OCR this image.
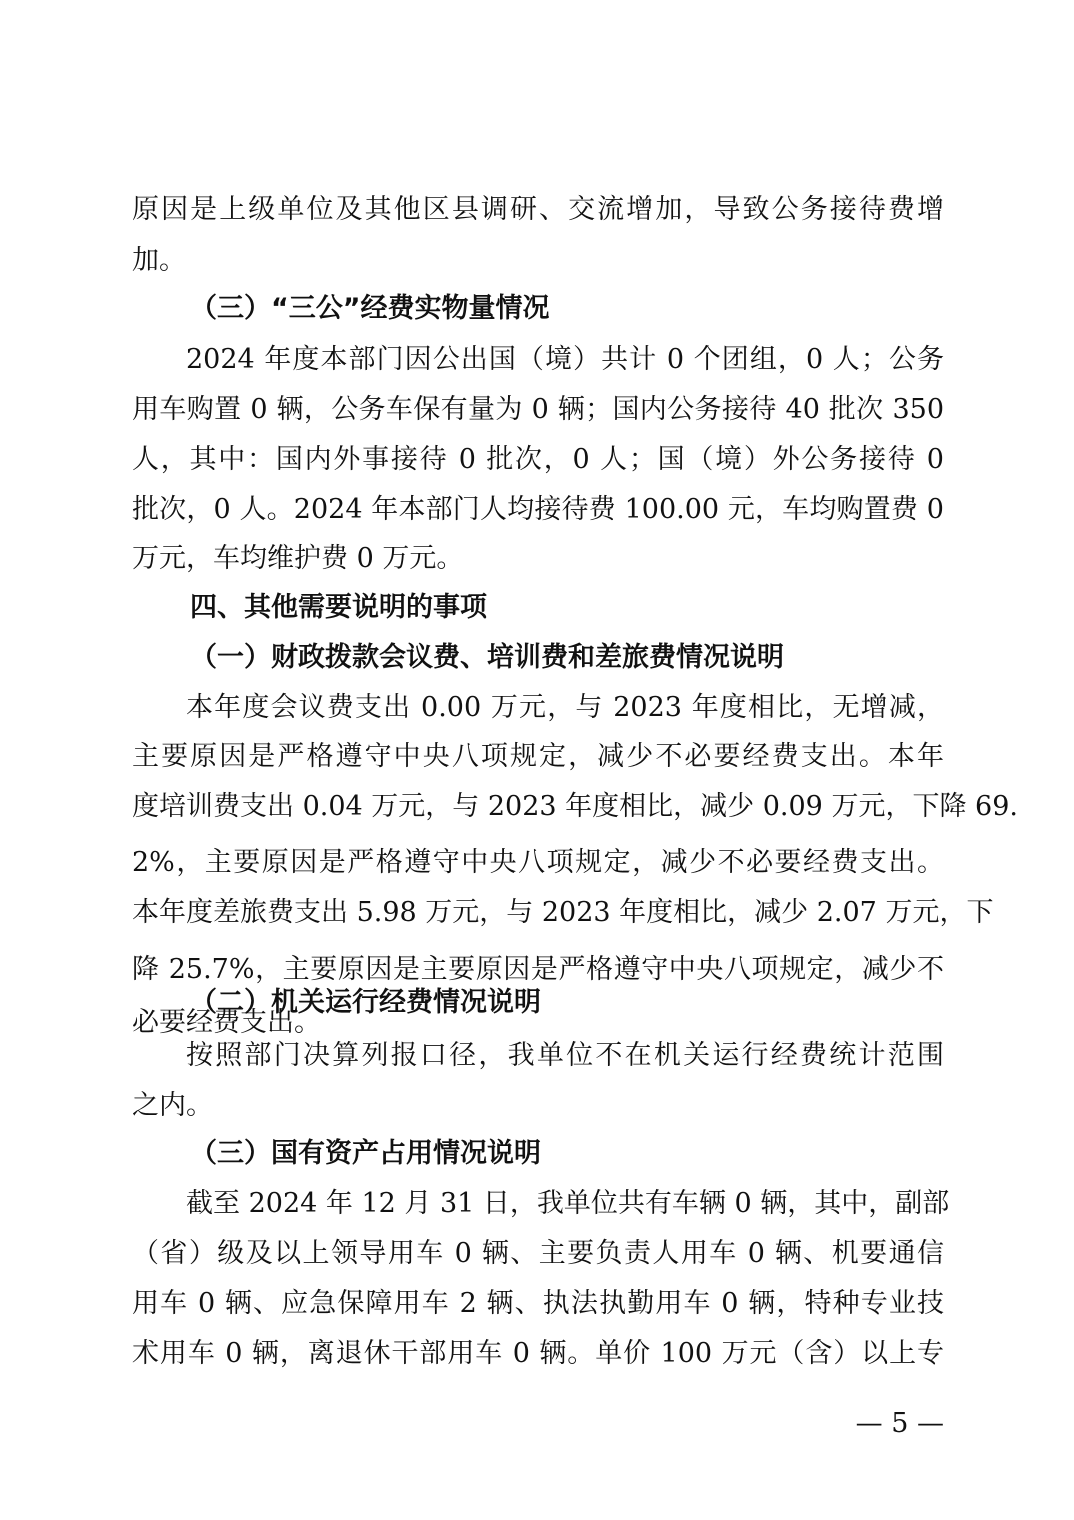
原因是上级单位及其他区县调研、交流增加，导致公务接待费增
加。
（三）“三公”经费实物量情况
2024 年度本部门因公出国（境）共计 0 个团组，0 人；公务
用车购置 0 辆，公务车保有量为 0 辆；国内公务接待 40 批次 350
人，其中：国内外事接待 0 批次，0 人；国（境）外公务接待 0
批次，0 人。2024 年本部门人均接待费 100.00 元，车均购置费 0
万元，车均维护费 0 万元。
四、其他需要说明的事项
（一）财政拨款会议费、培训费和差旅费情况说明
本年度会议费支出 0.00 万元，与 2023 年度相比，无增减，
主要原因是严格遵守中央八项规定，减少不必要经费支出。本年
度培训费支出 0.04 万元，与 2023 年度相比，减少 0.09 万元，下降 69.
2%，主要原因是严格遵守中央八项规定，减少不必要经费支出。
本年度差旅费支出 5.98 万元，与 2023 年度相比，减少 2.07 万元，下
降 25.7%，主要原因是主要原因是严格遵守中央八项规定，减少不
（二）机关运行经费情况说明
必要经费支出。
按照部门决算列报口径，我单位不在机关运行经费统计范围
之内。
（三）国有资产占用情况说明
截至 2024 年 12 月 31 日，我单位共有车辆 0 辆，其中，副部
（省）级及以上领导用车 0 辆、主要负责人用车 0 辆、机要通信
用车 0 辆、应急保障用车 2 辆、执法执勤用车 0 辆，特种专业技
术用车 0 辆，离退休干部用车 0 辆。单价 100 万元（含）以上专
— 5 —
